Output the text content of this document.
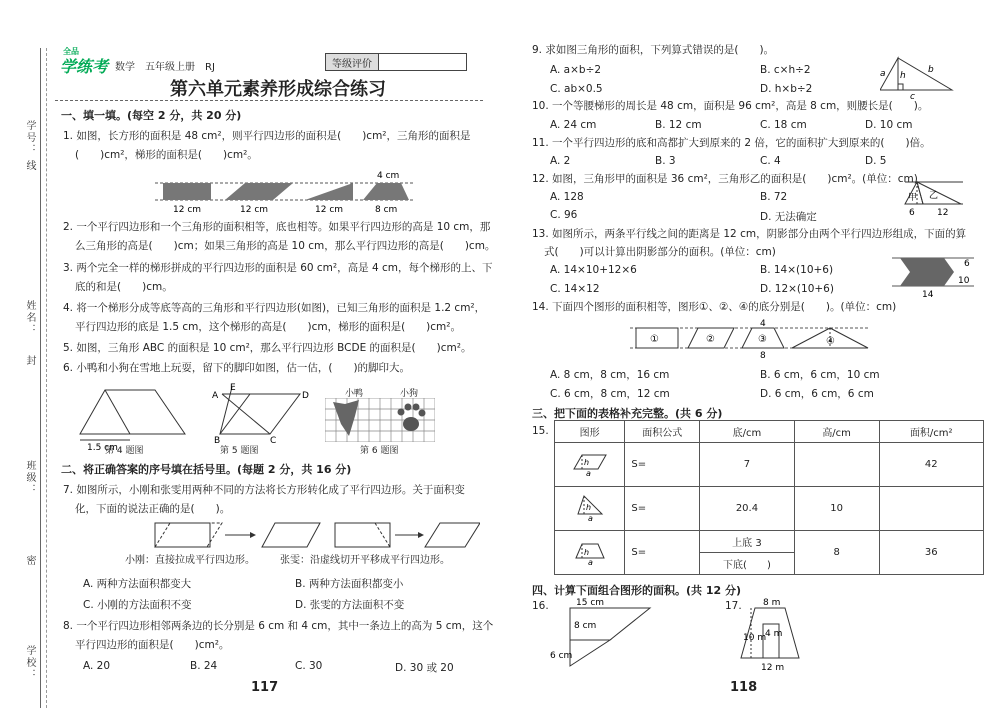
学号：
线
姓名：
封
班级：
密
学校：
全品
学练考 数学　五年级上册　RJ	等级评价
第六单元素养形成综合练习
一、填一填。(每空 2 分，共 20 分)
1. 如图，长方形的面积是 48 cm²，则平行四边形的面积是(　　)cm²，三角形的面积是
(　　)cm²，梯形的面积是(　　)cm²。
12 cm	12 cm	12 cm	8 cm
4 cm
2. 一个平行四边形和一个三角形的面积相等，底也相等。如果平行四边形的高是 10 cm，那
么三角形的高是(　　)cm；如果三角形的高是 10 cm，那么平行四边形的高是(　　)cm。
3. 两个完全一样的梯形拼成的平行四边形的面积是 60 cm²，高是 4 cm，每个梯形的上、下
底的和是(　　)cm。
4. 将一个梯形分成等底等高的三角形和平行四边形(如图)，已知三角形的面积是 1.2 cm²，
平行四边形的底是 1.5 cm，这个梯形的高是(　　)cm，梯形的面积是(　　)cm²。
5. 如图，三角形 ABC 的面积是 10 cm²，那么平行四边形 BCDE 的面积是(　　)cm²。
6. 小鸭和小狗在雪地上玩耍，留下的脚印如图，估一估，(　　)的脚印大。
1.5 cm
第 4 题图
E
A	D
B	C
第 5 题图
小鸭	小狗
第 6 题图
二、将正确答案的序号填在括号里。(每题 2 分，共 16 分)
7. 如图所示，小刚和张雯用两种不同的方法将长方形转化成了平行四边形。关于面积变
化，下面的说法正确的是(　　)。
小刚：直接拉成平行四边形。	张雯：沿虚线切开平移成平行四边形。
A. 两种方法面积都变大	B. 两种方法面积都变小
C. 小刚的方法面积不变	D. 张雯的方法面积不变
8. 一个平行四边形相邻两条边的长分别是 6 cm 和 4 cm，其中一条边上的高为 5 cm，这个
平行四边形的面积是(　　)cm²。
A. 20	B. 24	C. 30	D. 30 或 20
117
9. 求如图三角形的面积，下列算式错误的是(　　)。
A. a×b÷2	B. c×h÷2
C. ab×0.5	D. h×b÷2
a h
b
c
10. 一个等腰梯形的周长是 48 cm，面积是 96 cm²，高是 8 cm，则腰长是(　　)。
A. 24 cm	B. 12 cm	C. 18 cm	D. 10 cm
11. 一个平行四边形的底和高都扩大到原来的 2 倍，它的面积扩大到原来的(　　)倍。
A. 2	B. 3	C. 4	D. 5
12. 如图，三角形甲的面积是 36 cm²，三角形乙的面积是(　　)cm²。(单位：cm)
A. 128	B. 72
C. 96	D. 无法确定
甲 乙
6 12
13. 如图所示，两条平行线之间的距离是 12 cm，阴影部分由两个平行四边形组成，下面的算
式(　　)可以计算出阴影部分的面积。(单位：cm)
A. 14×10+12×6	B. 14×(10+6)
C. 14×12	D. 12×(10+6)
6
10
14
14. 下面四个图形的面积相等，图形①、②、④的底分别是(　　)。(单位：cm)
①	②	③	④
4
8
A. 8 cm，8 cm，16 cm	B. 6 cm，6 cm，10 cm
C. 6 cm，8 cm，12 cm	D. 6 cm，6 cm，6 cm
三、把下面的表格补充完整。(共 6 分)
15.	图形	面积公式	底/cm	高/cm	面积/cm²

h
a	S=	7		42

h
a	S=	20.4	10	

h
a	S=	上底 3	8	36
		下底(　　)		
四、计算下面组合图形的面积。(共 12 分)
16.	15 cm
8 cm
6 cm
17. 8 m
10 m
4 m
12 m
118
